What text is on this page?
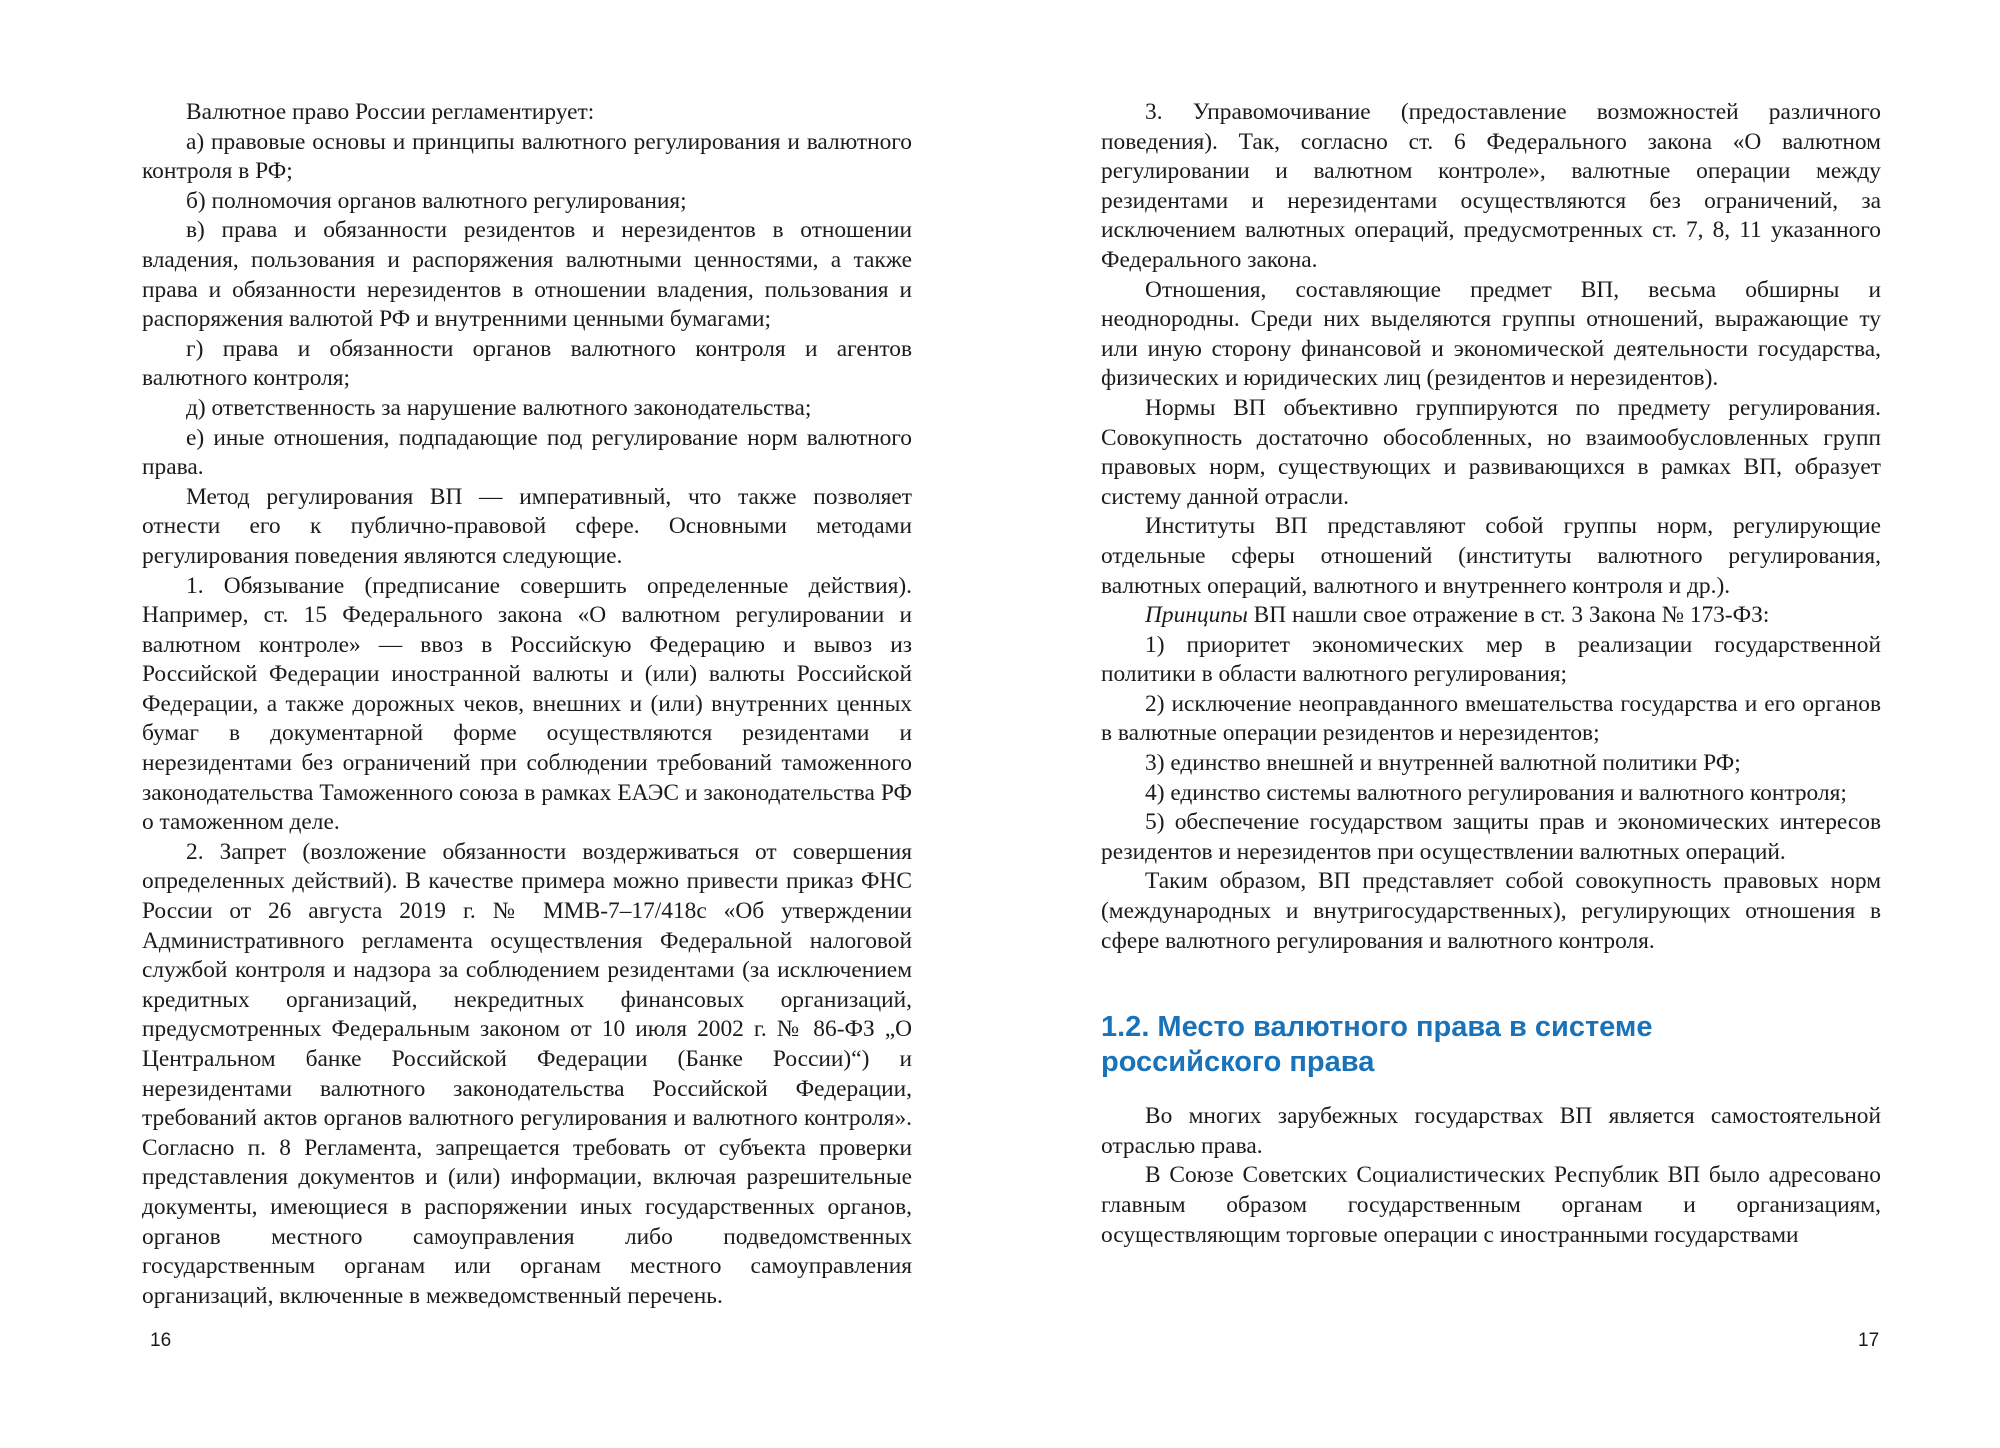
Валютное право России регламентирует:

а) правовые основы и принципы валютного регулирования и валютного контроля в РФ;

б) полномочия органов валютного регулирования;

в) права и обязанности резидентов и нерезидентов в отношении владения, пользования и распоряжения валютными ценностями, а также права и обязанности нерезидентов в отношении владения, пользования и распоряжения валютой РФ и внутренними ценными бумагами;

г) права и обязанности органов валютного контроля и агентов валютного контроля;

д) ответственность за нарушение валютного законодательства;

е) иные отношения, подпадающие под регулирование норм валютного права.

Метод регулирования ВП — императивный, что также позволяет отнести его к публично-правовой сфере. Основными методами регулирования поведения являются следующие.

1. Обязывание (предписание совершить определенные действия). Например, ст. 15 Федерального закона «О валютном регулировании и валютном контроле» — ввоз в Российскую Федерацию и вывоз из Российской Федерации иностранной валюты и (или) валюты Российской Федерации, а также дорожных чеков, внешних и (или) внутренних ценных бумаг в документарной форме осуществляются резидентами и нерезидентами без ограничений при соблюдении требований таможенного законодательства Таможенного союза в рамках ЕАЭС и законодательства РФ о таможенном деле.

2. Запрет (возложение обязанности воздерживаться от совершения определенных действий). В качестве примера можно привести приказ ФНС России от 26 августа 2019 г. № ММВ-7–17/418с «Об утверждении Административного регламента осуществления Федеральной налоговой службой контроля и надзора за соблюдением резидентами (за исключением кредитных организаций, некредитных финансовых организаций, предусмотренных Федеральным законом от 10 июля 2002 г. № 86-ФЗ „О Центральном банке Российской Федерации (Банке России)“) и нерезидентами валютного законодательства Российской Федерации, требований актов органов валютного регулирования и валютного контроля». Согласно п. 8 Регламента, запрещается требовать от субъекта проверки представления документов и (или) информации, включая разрешительные документы, имеющиеся в распоряжении иных государственных органов, органов местного самоуправления либо подведомственных государственным органам или органам местного самоуправления организаций, включенные в межведомственный перечень.

3. Управомочивание (предоставление возможностей различного поведения). Так, согласно ст. 6 Федерального закона «О валютном регулировании и валютном контроле», валютные операции между резидентами и нерезидентами осуществляются без ограничений, за исключением валютных операций, предусмотренных ст. 7, 8, 11 указанного Федерального закона.

Отношения, составляющие предмет ВП, весьма обширны и неоднородны. Среди них выделяются группы отношений, выражающие ту или иную сторону финансовой и экономической деятельности государства, физических и юридических лиц (резидентов и нерезидентов).

Нормы ВП объективно группируются по предмету регулирования. Совокупность достаточно обособленных, но взаимообусловленных групп правовых норм, существующих и развивающихся в рамках ВП, образует систему данной отрасли.

Институты ВП представляют собой группы норм, регулирующие отдельные сферы отношений (институты валютного регулирования, валютных операций, валютного и внутреннего контроля и др.).

Принципы ВП нашли свое отражение в ст. 3 Закона № 173-ФЗ:

1) приоритет экономических мер в реализации государственной политики в области валютного регулирования;

2) исключение неоправданного вмешательства государства и его органов в валютные операции резидентов и нерезидентов;

3) единство внешней и внутренней валютной политики РФ;

4) единство системы валютного регулирования и валютного контроля;

5) обеспечение государством защиты прав и экономических интересов резидентов и нерезидентов при осуществлении валютных операций.

Таким образом, ВП представляет собой совокупность правовых норм (международных и внутригосударственных), регулирующих отношения в сфере валютного регулирования и валютного контроля.

1.2. Место валютного права в системе
российского права

Во многих зарубежных государствах ВП является самостоятельной отраслью права.

В Союзе Советских Социалистических Республик ВП было адресовано главным образом государственным органам и организациям, осуществляющим торговые операции с иностранными государствами

16	17
